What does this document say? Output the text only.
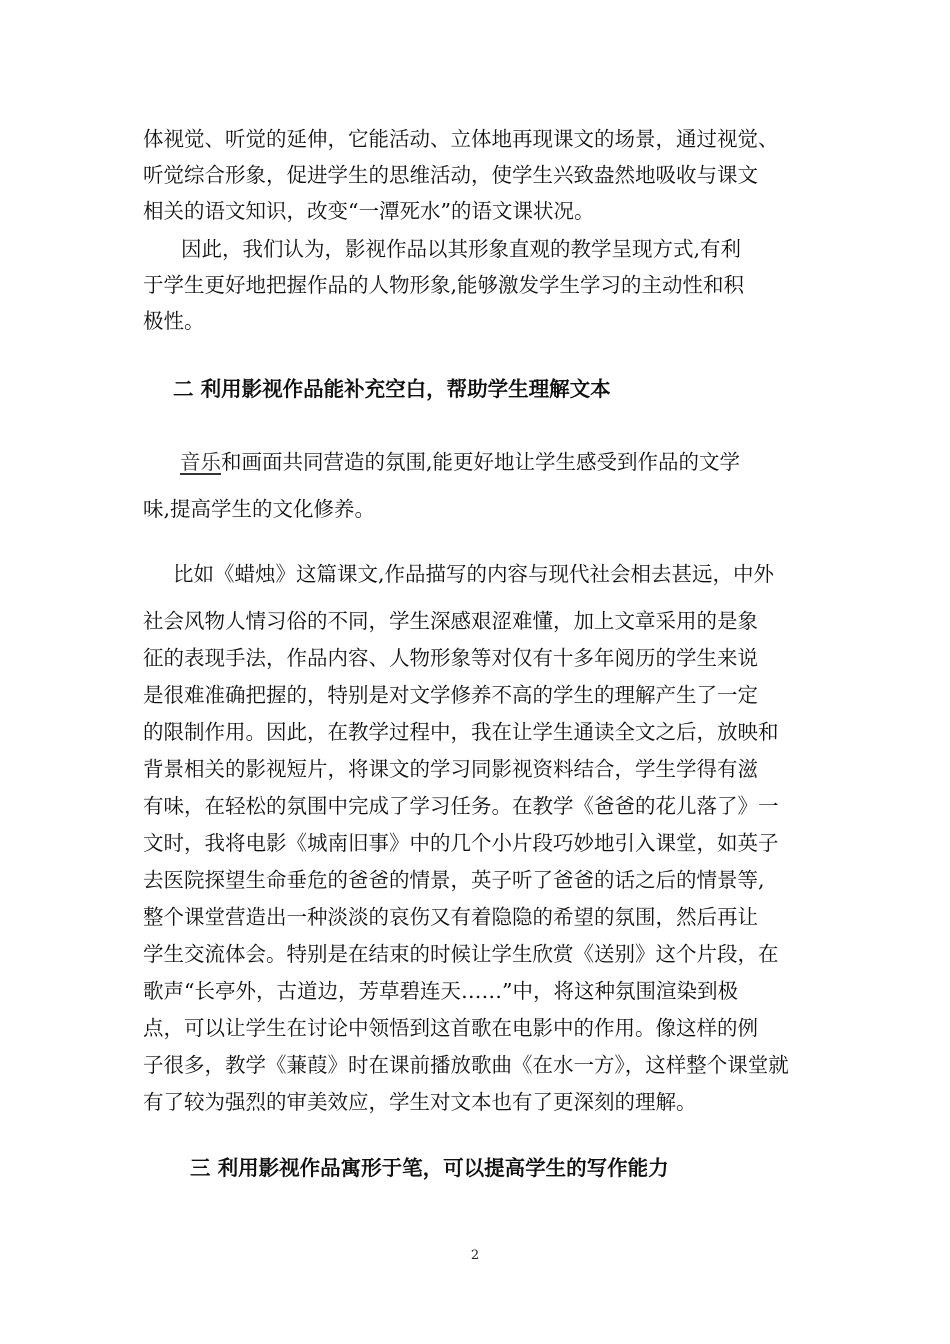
体视觉、听觉的延伸，它能活动、立体地再现课文的场景，通过视觉、
听觉综合形象，促进学生的思维活动，使学生兴致盎然地吸收与课文
相关的语文知识，改变“一潭死水”的语文课状况。
因此，我们认为，影视作品以其形象直观的教学呈现方式,有利
于学生更好地把握作品的人物形象,能够激发学生学习的主动性和积
极性。
二 利用影视作品能补充空白，帮助学生理解文本
音乐和画面共同营造的氛围,能更好地让学生感受到作品的文学
味,提高学生的文化修养。
比如《蜡烛》这篇课文,作品描写的内容与现代社会相去甚远，中外
社会风物人情习俗的不同，学生深感艰涩难懂，加上文章采用的是象
征的表现手法，作品内容、人物形象等对仅有十多年阅历的学生来说
是很难准确把握的，特别是对文学修养不高的学生的理解产生了一定
的限制作用。因此，在教学过程中，我在让学生通读全文之后，放映和
背景相关的影视短片，将课文的学习同影视资料结合，学生学得有滋
有味，在轻松的氛围中完成了学习任务。在教学《爸爸的花儿落了》一
文时，我将电影《城南旧事》中的几个小片段巧妙地引入课堂，如英子
去医院探望生命垂危的爸爸的情景，英子听了爸爸的话之后的情景等,
整个课堂营造出一种淡淡的哀伤又有着隐隐的希望的氛围，然后再让
学生交流体会。特别是在结束的时候让学生欣赏《送别》这个片段，在
歌声“长亭外，古道边，芳草碧连天……”中，将这种氛围渲染到极
点，可以让学生在讨论中领悟到这首歌在电影中的作用。像这样的例
子很多，教学《蒹葭》时在课前播放歌曲《在水一方》，这样整个课堂就
有了较为强烈的审美效应，学生对文本也有了更深刻的理解。
三 利用影视作品寓形于笔，可以提高学生的写作能力
2
